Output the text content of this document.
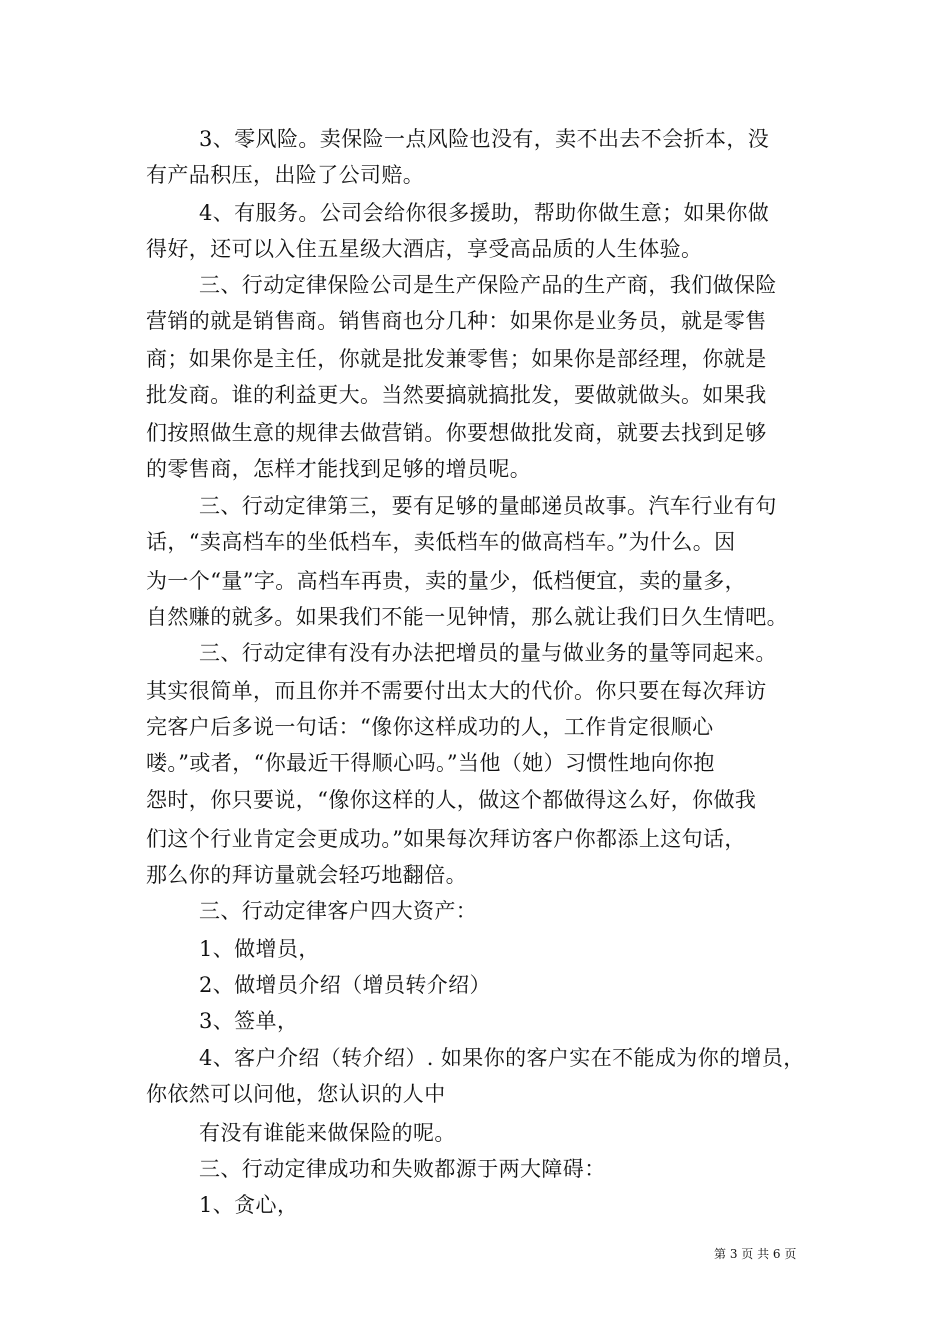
3、零风险。卖保险一点风险也没有，卖不出去不会折本，没
有产品积压，出险了公司赔。
4、有服务。公司会给你很多援助，帮助你做生意；如果你做
得好，还可以入住五星级大酒店，享受高品质的人生体验。
三、行动定律保险公司是生产保险产品的生产商，我们做保险
营销的就是销售商。销售商也分几种：如果你是业务员，就是零售
商；如果你是主任，你就是批发兼零售；如果你是部经理，你就是
批发商。谁的利益更大。当然要搞就搞批发，要做就做头。如果我
们按照做生意的规律去做营销。你要想做批发商，就要去找到足够
的零售商，怎样才能找到足够的增员呢。
三、行动定律第三，要有足够的量邮递员故事。汽车行业有句
话，“卖高档车的坐低档车，卖低档车的做高档车。”为什么。因
为一个“量”字。高档车再贵，卖的量少，低档便宜，卖的量多，
自然赚的就多。如果我们不能一见钟情，那么就让我们日久生情吧。
三、行动定律有没有办法把增员的量与做业务的量等同起来。
其实很简单，而且你并不需要付出太大的代价。你只要在每次拜访
完客户后多说一句话：“像你这样成功的人，工作肯定很顺心
喽。”或者，“你最近干得顺心吗。”当他（她）习惯性地向你抱
怨时，你只要说，“像你这样的人，做这个都做得这么好，你做我
们这个行业肯定会更成功。”如果每次拜访客户你都添上这句话，
那么你的拜访量就会轻巧地翻倍。
三、行动定律客户四大资产：
1、做增员，
2、做增员介绍（增员转介绍）
3、签单，
4、客户介绍（转介绍）. 如果你的客户实在不能成为你的增员，
你依然可以问他，您认识的人中
有没有谁能来做保险的呢。
三、行动定律成功和失败都源于两大障碍：
1、贪心，
第 3 页 共 6 页
